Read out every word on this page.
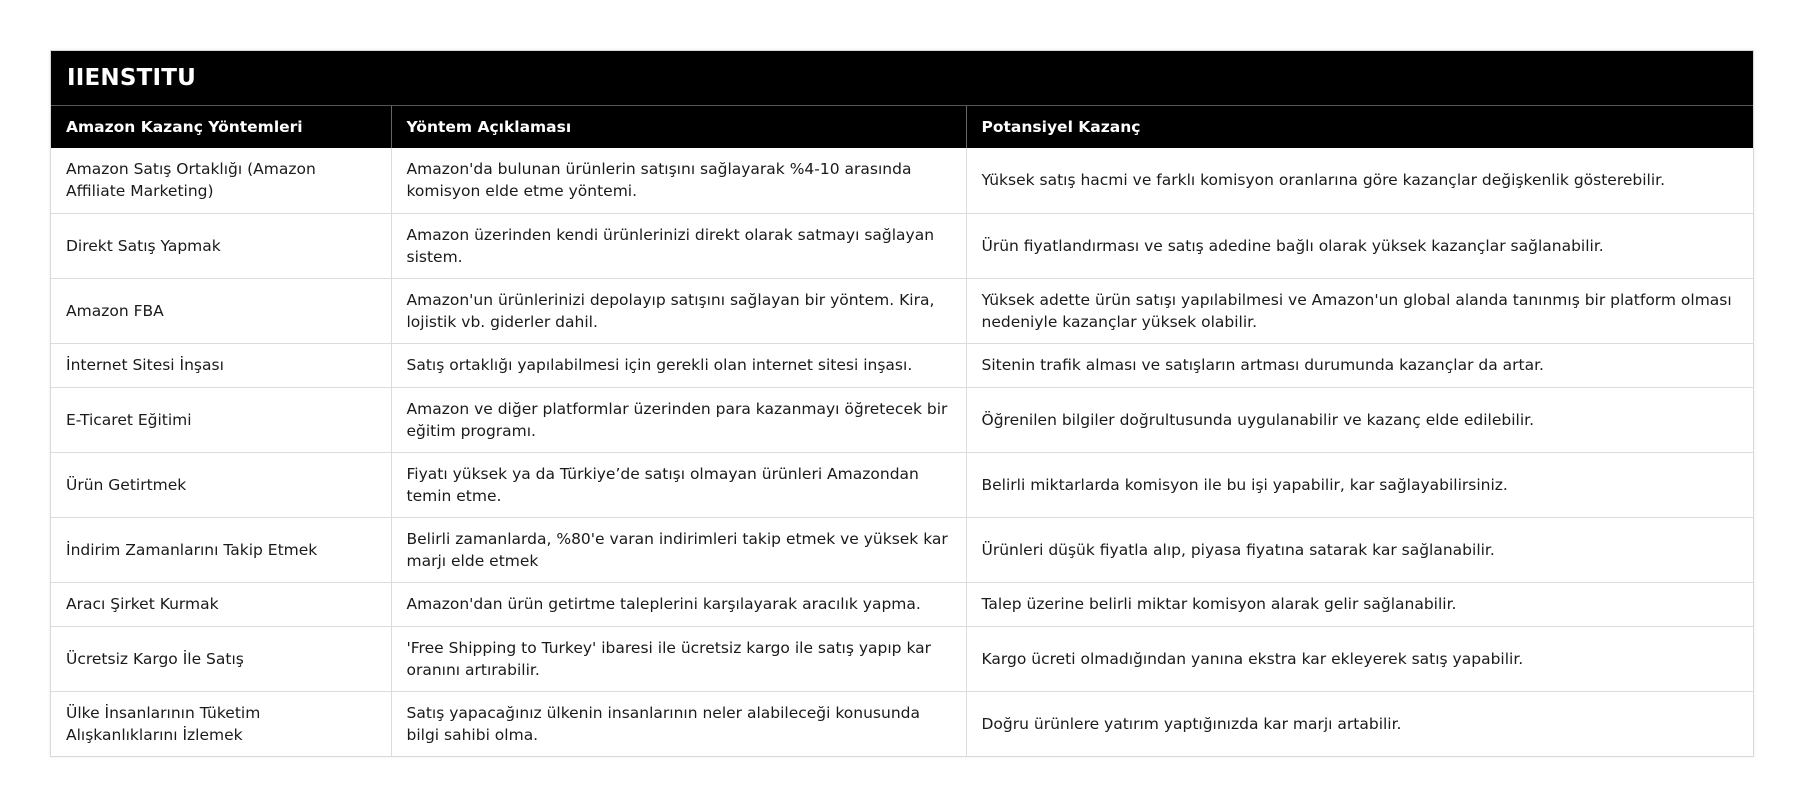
IIENSTITU
Amazon Kazanç Yöntemleri	Yöntem Açıklaması	Potansiyel Kazanç
Amazon Satış Ortaklığı (Amazon Affiliate Marketing)	Amazon'da bulunan ürünlerin satışını sağlayarak %4-10 arasında komisyon elde etme yöntemi.	Yüksek satış hacmi ve farklı komisyon oranlarına göre kazançlar değişkenlik gösterebilir.
Direkt Satış Yapmak	Amazon üzerinden kendi ürünlerinizi direkt olarak satmayı sağlayan sistem.	Ürün fiyatlandırması ve satış adedine bağlı olarak yüksek kazançlar sağlanabilir.
Amazon FBA	Amazon'un ürünlerinizi depolayıp satışını sağlayan bir yöntem. Kira, lojistik vb. giderler dahil.	Yüksek adette ürün satışı yapılabilmesi ve Amazon'un global alanda tanınmış bir platform olması nedeniyle kazançlar yüksek olabilir.
İnternet Sitesi İnşası	Satış ortaklığı yapılabilmesi için gerekli olan internet sitesi inşası.	Sitenin trafik alması ve satışların artması durumunda kazançlar da artar.
E-Ticaret Eğitimi	Amazon ve diğer platformlar üzerinden para kazanmayı öğretecek bir eğitim programı.	Öğrenilen bilgiler doğrultusunda uygulanabilir ve kazanç elde edilebilir.
Ürün Getirtmek	Fiyatı yüksek ya da Türkiye’de satışı olmayan ürünleri Amazondan temin etme.	Belirli miktarlarda komisyon ile bu işi yapabilir, kar sağlayabilirsiniz.
İndirim Zamanlarını Takip Etmek	Belirli zamanlarda, %80'e varan indirimleri takip etmek ve yüksek kar marjı elde etmek	Ürünleri düşük fiyatla alıp, piyasa fiyatına satarak kar sağlanabilir.
Aracı Şirket Kurmak	Amazon'dan ürün getirtme taleplerini karşılayarak aracılık yapma.	Talep üzerine belirli miktar komisyon alarak gelir sağlanabilir.
Ücretsiz Kargo İle Satış	'Free Shipping to Turkey' ibaresi ile ücretsiz kargo ile satış yapıp kar oranını artırabilir.	Kargo ücreti olmadığından yanına ekstra kar ekleyerek satış yapabilir.
Ülke İnsanlarının Tüketim Alışkanlıklarını İzlemek	Satış yapacağınız ülkenin insanlarının neler alabileceği konusunda bilgi sahibi olma.	Doğru ürünlere yatırım yaptığınızda kar marjı artabilir.
